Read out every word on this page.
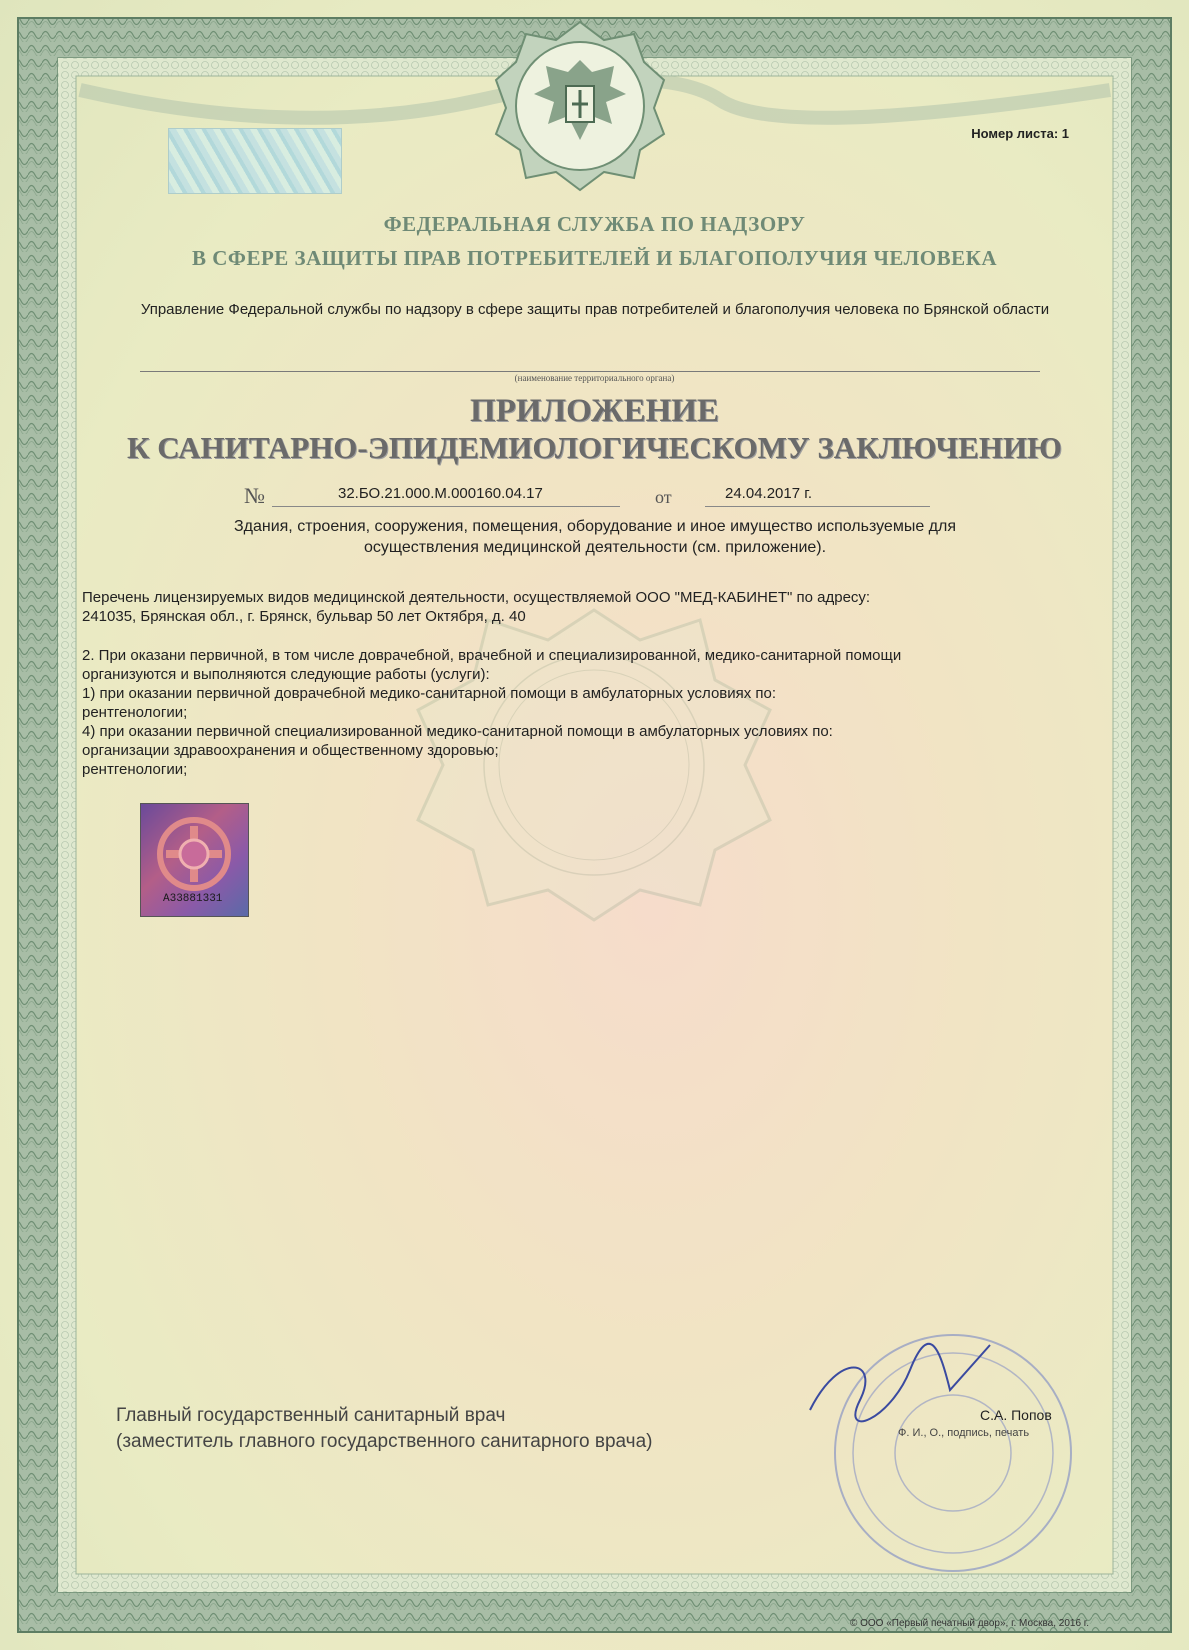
Номер листа: 1
ФЕДЕРАЛЬНАЯ СЛУЖБА ПО НАДЗОРУ
В СФЕРЕ ЗАЩИТЫ ПРАВ ПОТРЕБИТЕЛЕЙ И БЛАГОПОЛУЧИЯ ЧЕЛОВЕКА
Управление Федеральной службы по надзору в сфере защиты прав потребителей и благополучия человека по Брянской области
(наименование территориального органа)
ПРИЛОЖЕНИЕ
К САНИТАРНО-ЭПИДЕМИОЛОГИЧЕСКОМУ ЗАКЛЮЧЕНИЮ
№	32.БО.21.000.М.000160.04.17	от	24.04.2017 г.
Здания, строения, сооружения, помещения, оборудование и иное имущество используемые для
осуществления медицинской деятельности (см. приложение).
Перечень лицензируемых видов медицинской деятельности, осуществляемой ООО "МЕД-КАБИНЕТ" по адресу:
241035, Брянская обл., г. Брянск, бульвар 50 лет Октября, д. 40
2. При оказани первичной, в том числе доврачебной, врачебной и специализированной, медико-санитарной помощи
организуются и выполняются следующие работы (услуги):
1) при оказании первичной доврачебной медико-санитарной помощи в амбулаторных условиях по:
рентгенологии;
4) при оказании первичной специализированной медико-санитарной помощи в амбулаторных условиях по:
организации здравоохранения и общественному здоровью;
рентгенологии;
А33881331
Главный государственный санитарный врач
(заместитель главного государственного санитарного врача)
С.А. Попов
Ф. И., О., подпись, печать
© ООО «Первый печатный двор», г. Москва, 2016 г.
